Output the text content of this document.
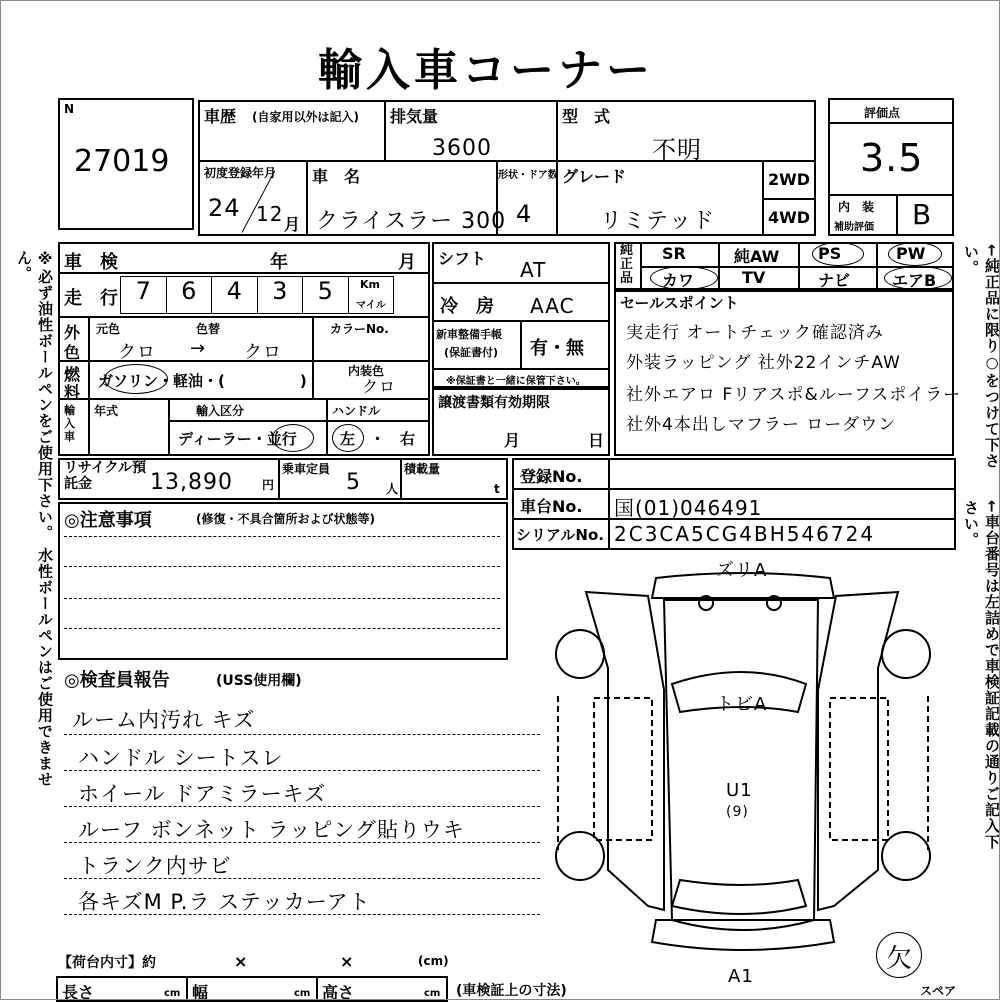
輸入車コーナー
※必ず油性ボールペンをご使用下さい。 水性ボールペンはご使用できません。	←純正品に限り○をつけて下さい。
←車台番号は左詰めで車検証記載の通りご記入下さい。
N
27019
車歴 (自家用以外は記入) 排気量
3600
型　式
不明
初度登録年月
24 12 月
車　名
クライスラー 300
形状・ドア数
4
グレード
リミテッド
2WD
4WD
評価点
3.5
内　装
補助評価 B
車　検	年	月
走　行 7	6	4	3	5	Km
マイル
外
色
元色	色替
クロ → クロ
カラーNo.
燃
料
ガソリン・軽油・(　　　　　)
内装色
クロ
輸入車
年式	輸入区分
ディーラー・並行
ハンドル
左　・　右
シフト AT
冷　房 AAC
新車整備手帳
(保証書付) 有・無
※保証書と一緒に保管下さい。
譲渡書類有効期限
月	日
純正品
SR	純AW PS	PW
カワ	TV	ナビ	エアB
セールスポイント
実走行 オートチェック確認済み
外装ラッピング 社外22インチAW
社外エアロ Fリアスポ&ルーフスポイラー
社外4本出しマフラー ローダウン
リサイクル預託金	13,890 円
乗車定員
5 人
積載量
t
登録No.
車台No. 国(01)046491
シリアルNo. 2C3CA5CG4BH546724
◎注意事項	(修復・不具合箇所および状態等)
◎検査員報告	(USS使用欄)
ルーム内汚れ キズ
ハンドル シートスレ
ホイール ドアミラーキズ
ルーフ ボンネット ラッピング貼りウキ
トランク内サビ
各キズM P.ラ ステッカーアト
ズリA
トビA
U1
(9)
A1
欠
スペア
【荷台内寸】約	×	×	(cm)
長さ	cm 幅	cm 高さ	cm (車検証上の寸法)
